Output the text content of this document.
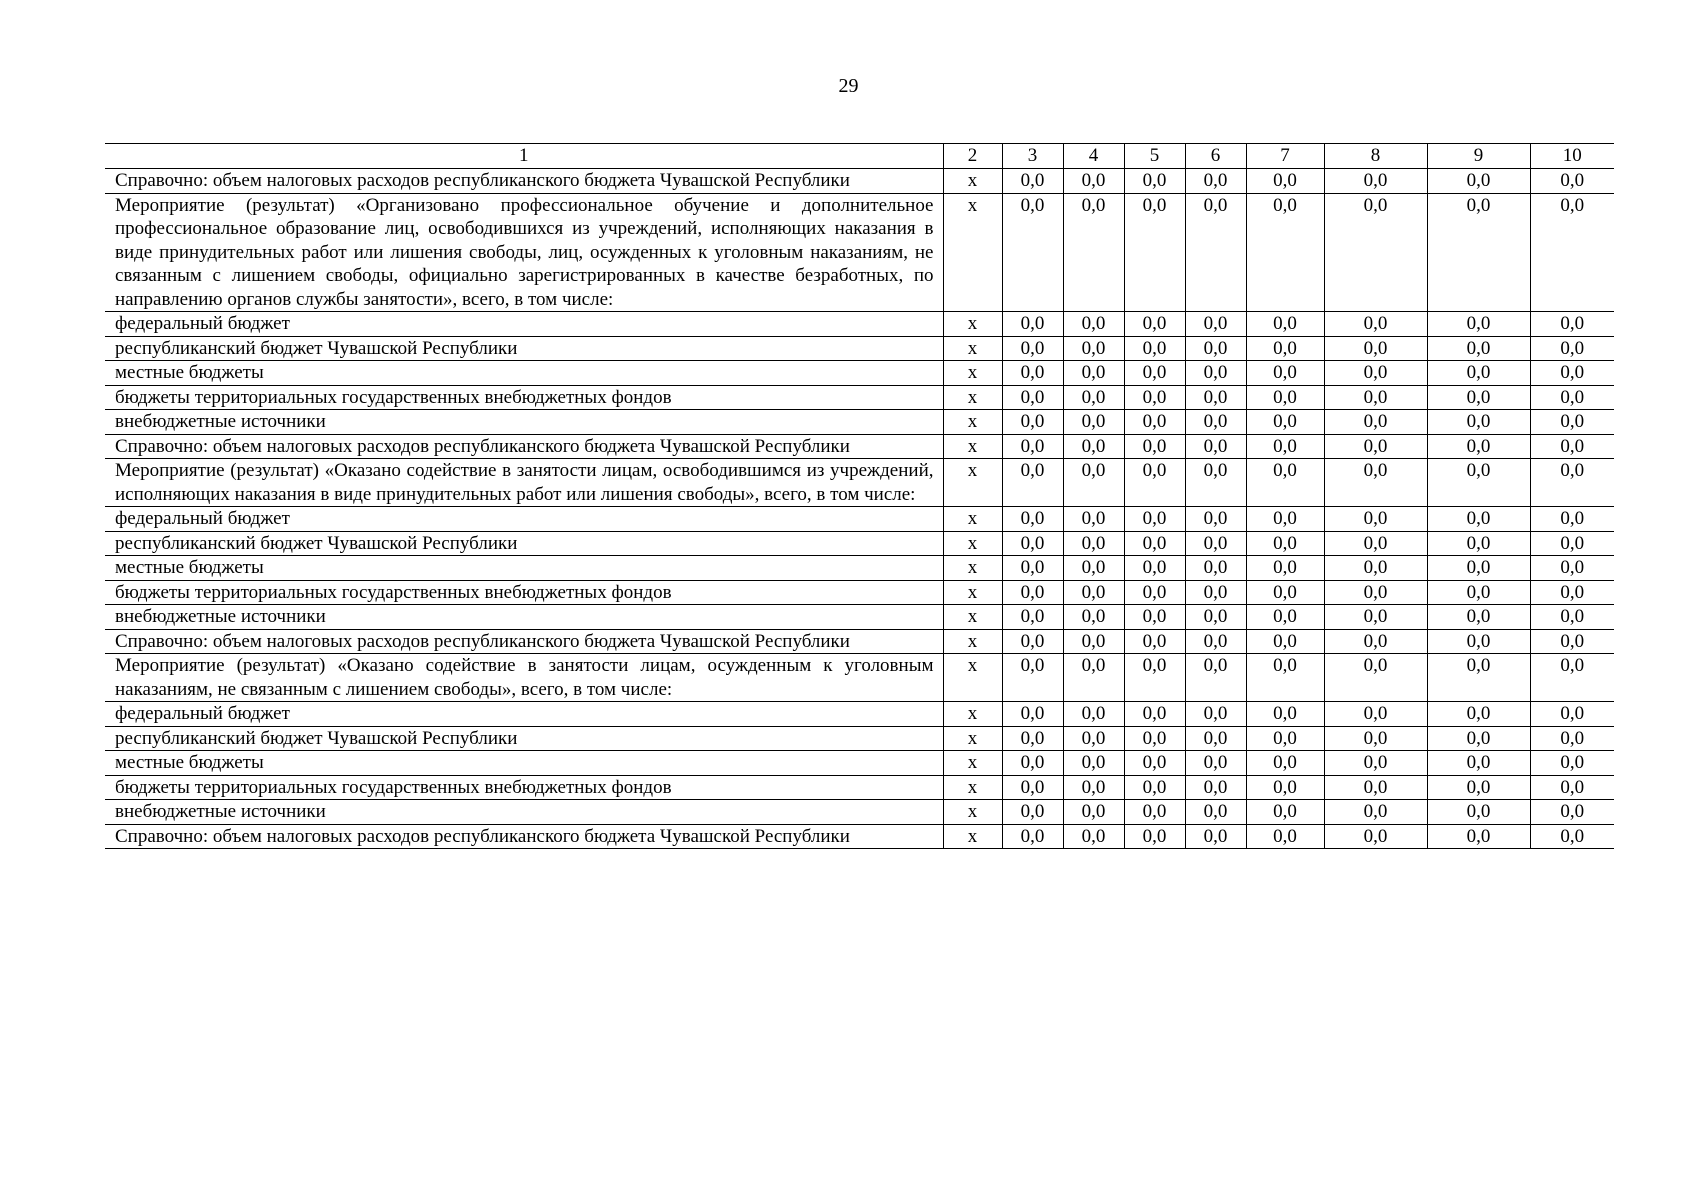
29
1	2	3	4	5	6	7	8	9	10
Справочно: объем налоговых расходов республиканского бюджета Чувашской Республики	х	0,0	0,0	0,0	0,0	0,0	0,0	0,0	0,0
Мероприятие (результат) «Организовано профессиональное обучение и дополнительное профессиональное образование лиц, освободившихся из учреждений, исполняющих наказания в виде принудительных работ или лишения свободы, лиц, осужденных к уголовным наказаниям, не связанным с лишением свободы, официально зарегистрированных в качестве безработных, по направлению органов службы занятости», всего, в том числе:	х	0,0	0,0	0,0	0,0	0,0	0,0	0,0	0,0
федеральный бюджет	х	0,0	0,0	0,0	0,0	0,0	0,0	0,0	0,0
республиканский бюджет Чувашской Республики	х	0,0	0,0	0,0	0,0	0,0	0,0	0,0	0,0
местные бюджеты	х	0,0	0,0	0,0	0,0	0,0	0,0	0,0	0,0
бюджеты территориальных государственных внебюджетных фондов	х	0,0	0,0	0,0	0,0	0,0	0,0	0,0	0,0
внебюджетные источники	х	0,0	0,0	0,0	0,0	0,0	0,0	0,0	0,0
Справочно: объем налоговых расходов республиканского бюджета Чувашской Республики	х	0,0	0,0	0,0	0,0	0,0	0,0	0,0	0,0
Мероприятие (результат) «Оказано содействие в занятости лицам, освободившимся из учреждений, исполняющих наказания в виде принудительных работ или лишения свободы», всего, в том числе:	х	0,0	0,0	0,0	0,0	0,0	0,0	0,0	0,0
федеральный бюджет	х	0,0	0,0	0,0	0,0	0,0	0,0	0,0	0,0
республиканский бюджет Чувашской Республики	х	0,0	0,0	0,0	0,0	0,0	0,0	0,0	0,0
местные бюджеты	х	0,0	0,0	0,0	0,0	0,0	0,0	0,0	0,0
бюджеты территориальных государственных внебюджетных фондов	х	0,0	0,0	0,0	0,0	0,0	0,0	0,0	0,0
внебюджетные источники	х	0,0	0,0	0,0	0,0	0,0	0,0	0,0	0,0
Справочно: объем налоговых расходов республиканского бюджета Чувашской Республики	х	0,0	0,0	0,0	0,0	0,0	0,0	0,0	0,0
Мероприятие (результат) «Оказано содействие в занятости лицам, осужденным к уголовным наказаниям, не связанным с лишением свободы», всего, в том числе:	х	0,0	0,0	0,0	0,0	0,0	0,0	0,0	0,0
федеральный бюджет	х	0,0	0,0	0,0	0,0	0,0	0,0	0,0	0,0
республиканский бюджет Чувашской Республики	х	0,0	0,0	0,0	0,0	0,0	0,0	0,0	0,0
местные бюджеты	х	0,0	0,0	0,0	0,0	0,0	0,0	0,0	0,0
бюджеты территориальных государственных внебюджетных фондов	х	0,0	0,0	0,0	0,0	0,0	0,0	0,0	0,0
внебюджетные источники	х	0,0	0,0	0,0	0,0	0,0	0,0	0,0	0,0
Справочно: объем налоговых расходов республиканского бюджета Чувашской Республики	х	0,0	0,0	0,0	0,0	0,0	0,0	0,0	0,0
